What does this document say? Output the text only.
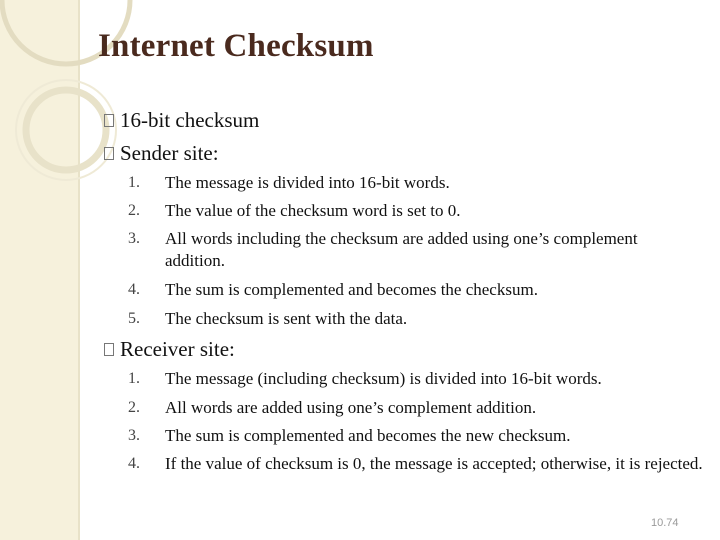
Internet Checksum
16-bit checksum
Sender site:
1. The message is divided into 16-bit words.
2. The value of the checksum word is set to 0.
3. All words including the checksum are added using one’s complement addition.
4. The sum is complemented and becomes the checksum.
5. The checksum is sent with the data.
Receiver site:
1. The message (including checksum) is divided into 16-bit words.
2. All words are added using one’s complement addition.
3. The sum is complemented and becomes the new checksum.
4. If the value of checksum is 0, the message is accepted; otherwise, it is rejected.
10.74
